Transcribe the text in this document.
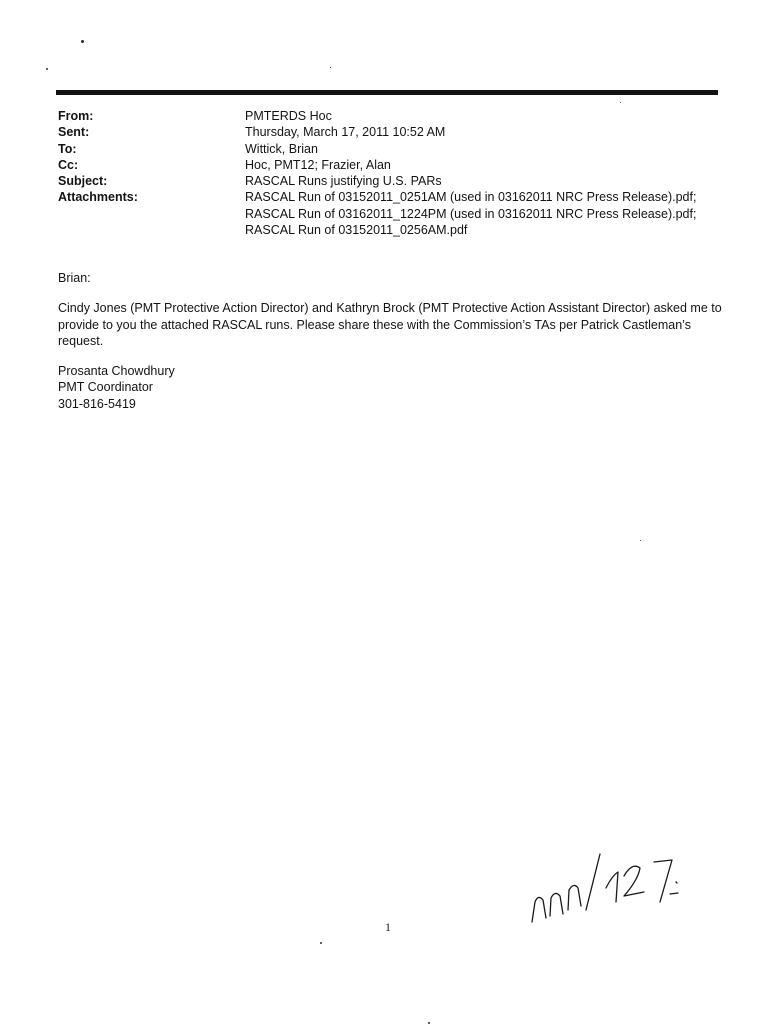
From:	PMTERDS Hoc
Sent:	Thursday, March 17, 2011 10:52 AM
To:	Wittick, Brian
Cc:	Hoc, PMT12; Frazier, Alan
Subject:	RASCAL Runs justifying U.S. PARs
Attachments:	RASCAL Run of 03152011_0251AM (used in 03162011 NRC Press Release).pdf; RASCAL Run of 03162011_1224PM (used in 03162011 NRC Press Release).pdf; RASCAL Run of 03152011_0256AM.pdf

Brian:

Cindy Jones (PMT Protective Action Director) and Kathryn Brock (PMT Protective Action Assistant Director) asked me to provide to you the attached RASCAL runs. Please share these with the Commission’s TAs per Patrick Castleman’s request.

Prosanta Chowdhury
PMT Coordinator
301-816-5419
1
